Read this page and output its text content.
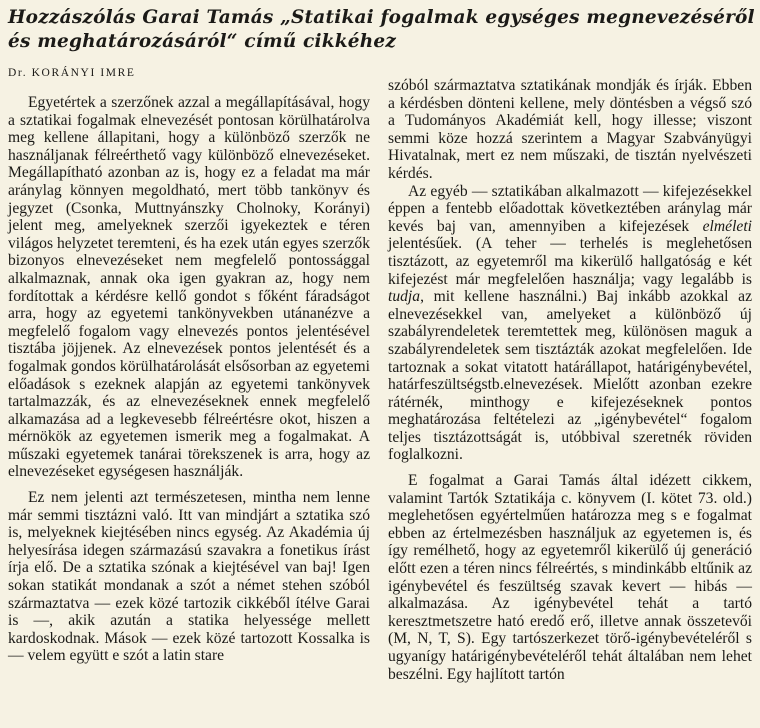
Hozzászólás Garai Tamás „Statikai fogalmak egységes megnevezéséről és meghatározásáról“ című cikkéhez
Dr. KORÁNYI IMRE

Egyetértek a szerzőnek azzal a megállapításával, hogy a sztatikai fogalmak elnevezését pontosan körülhatárolva meg kellene állapitani, hogy a különböző szerzők ne használjanak félreérthető vagy különböző elnevezéseket. Megállapítható azonban az is, hogy ez a feladat ma már aránylag könnyen megoldható, mert több tankönyv és jegyzet (Csonka, Muttnyánszky Cholnoky, Korányi) jelent meg, amelyeknek szerzői igyekeztek e téren világos helyzetet teremteni, és ha ezek után egyes szerzők bizonyos elnevezéseket nem megfelelő pontossággal alkalmaznak, annak oka igen gyakran az, hogy nem fordítottak a kérdésre kellő gondot s főként fáradságot arra, hogy az egyetemi tankönyvekben utánanézve a megfelelő fogalom vagy elnevezés pontos jelentésével tisztába jöjjenek. Az elnevezések pontos jelentését és a fogalmak gondos körülhatárolását elsősorban az egyetemi előadások s ezeknek alapján az egyetemi tankönyvek tartalmazzák, és az elnevezéseknek ennek megfelelő alkamazása ad a legkevesebb félreértésre okot, hiszen a mérnökök az egyetemen ismerik meg a fogalmakat. A műszaki egyetemek tanárai törekszenek is arra, hogy az elnevezéseket egységesen használják.

Ez nem jelenti azt természetesen, mintha nem lenne már semmi tisztázni való. Itt van mindjárt a sztatika szó is, melyeknek kiejtésében nincs egység. Az Akadémia új helyesírása idegen származású szavakra a fonetikus írást írja elő. De a sztatika szónak a kiejtésével van baj! Igen sokan statikát mondanak a szót a német stehen szóból származtatva — ezek közé tartozik cikkéből ítélve Garai is —, akik azután a statika helyessége mellett kardoskodnak. Mások — ezek közé tartozott Kossalka is — velem együtt e szót a latin stare

szóból származtatva sztatikának mondják és írják. Ebben a kérdésben dönteni kellene, mely döntésben a végső szó a Tudományos Akadémiát kell, hogy illesse; viszont semmi köze hozzá szerintem a Magyar Szabványügyi Hivatalnak, mert ez nem műszaki, de tisztán nyelvészeti kérdés.

Az egyéb — sztatikában alkalmazott — kifejezésekkel éppen a fentebb előadottak következtében aránylag már kevés baj van, amennyiben a kifejezések elméleti jelentésűek. (A teher — terhelés is meglehetősen tisztázott, az egyetemről ma kikerülő hallgatóság e két kifejezést már megfelelően használja; vagy legalább is tudja, mit kellene használni.) Baj inkább azokkal az elnevezésekkel van, amelyeket a különböző új szabályrendeletek teremtettek meg, különösen maguk a szabályrendeletek sem tisztázták azokat megfelelően. Ide tartoznak a sokat vitatott határállapot, határigénybevétel, határfeszültségstb.elnevezések. Mielőtt azonban ezekre rátérnék, minthogy e kifejezéseknek pontos meghatározása feltételezi az „igénybevétel“ fogalom teljes tisztázottságát is, utóbbival szeretnék röviden foglalkozni.

E fogalmat a Garai Tamás által idézett cikkem, valamint Tartók Sztatikája c. könyvem (I. kötet 73. old.) meglehetősen egyértelműen határozza meg s e fogalmat ebben az értelmezésben használjuk az egyetemen is, és így remélhető, hogy az egyetemről kikerülő új generáció előtt ezen a téren nincs félreértés, s mindinkább eltűnik az igénybevétel és feszültség szavak kevert — hibás — alkalmazása. Az igénybevétel tehát a tartó keresztmetszetre ható eredő erő, illetve annak összetevői (M, N, T, S). Egy tartószerkezet törő-igénybevételéről s ugyanígy határigénybevételéről tehát általában nem lehet beszélni. Egy hajlított tartón
